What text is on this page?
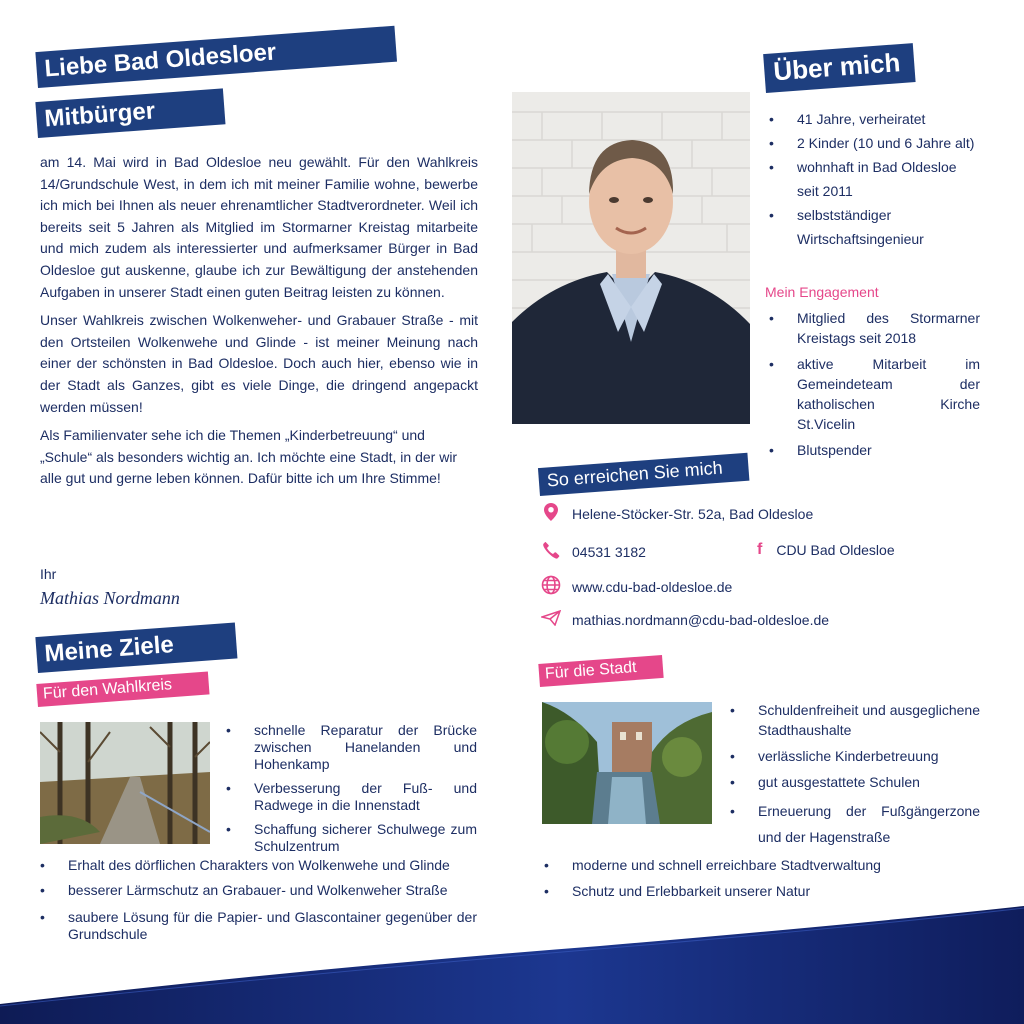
Liebe Bad Oldesloer
Mitbürger

am 14. Mai wird in Bad Oldesloe neu gewählt. Für den Wahlkreis 14/Grundschule West, in dem ich mit meiner Familie wohne, bewerbe ich mich bei Ihnen als neuer ehrenamtlicher Stadtverordneter. Weil ich bereits seit 5 Jahren als Mitglied im Stormarner Kreistag mitarbeite und mich zudem als interessierter und aufmerksamer Bürger in Bad Oldesloe gut auskenne, glaube ich zur Bewältigung der anstehenden Aufgaben in unserer Stadt einen guten Beitrag leisten zu können.

Unser Wahlkreis zwischen Wolkenweher- und Grabauer Straße - mit den Ortsteilen Wolkenwehe und Glinde - ist meiner Meinung nach einer der schönsten in Bad Oldesloe. Doch auch hier, ebenso wie in der Stadt als Ganzes, gibt es viele Dinge, die dringend angepackt werden müssen!

Als Familienvater sehe ich die Themen „Kinderbetreuung“ und „Schule“ als besonders wichtig an. Ich möchte eine Stadt, in der wir alle gut und gerne leben können. Dafür bitte ich um Ihre Stimme!

Ihr
Mathias Nordmann
Über mich
• 41 Jahre, verheiratet
• 2 Kinder (10 und 6 Jahre alt)
• wohnhaft in Bad Oldesloe seit 2011
• selbstständiger Wirtschaftsingenieur
Mein Engagement
• Mitglied des Stormarner Kreistags seit 2018
• aktive Mitarbeit im Gemeindeteam der katholischen Kirche St.Vicelin
• Blutspender
So erreichen Sie mich
Helene-Stöcker-Str. 52a, Bad Oldesloe
04531 3182	f CDU Bad Oldesloe
www.cdu-bad-oldesloe.de
mathias.nordmann@cdu-bad-oldesloe.de
Meine Ziele
Für den Wahlkreis
• schnelle Reparatur der Brücke zwischen Hanelanden und Hohenkamp
• Verbesserung der Fuß- und Radwege in die Innenstadt
• Schaffung sicherer Schulwege zum Schulzentrum
• Erhalt des dörflichen Charakters von Wolkenwehe und Glinde
• besserer Lärmschutz an Grabauer- und Wolkenweher Straße
• saubere Lösung für die Papier- und Glascontainer gegenüber der Grundschule
Für die Stadt
• Schuldenfreiheit und ausgeglichene Stadthaushalte
• verlässliche Kinderbetreuung
• gut ausgestattete Schulen
• Erneuerung der Fußgängerzone und der Hagenstraße
• moderne und schnell erreichbare Stadtverwaltung
• Schutz und Erlebbarkeit unserer Natur
